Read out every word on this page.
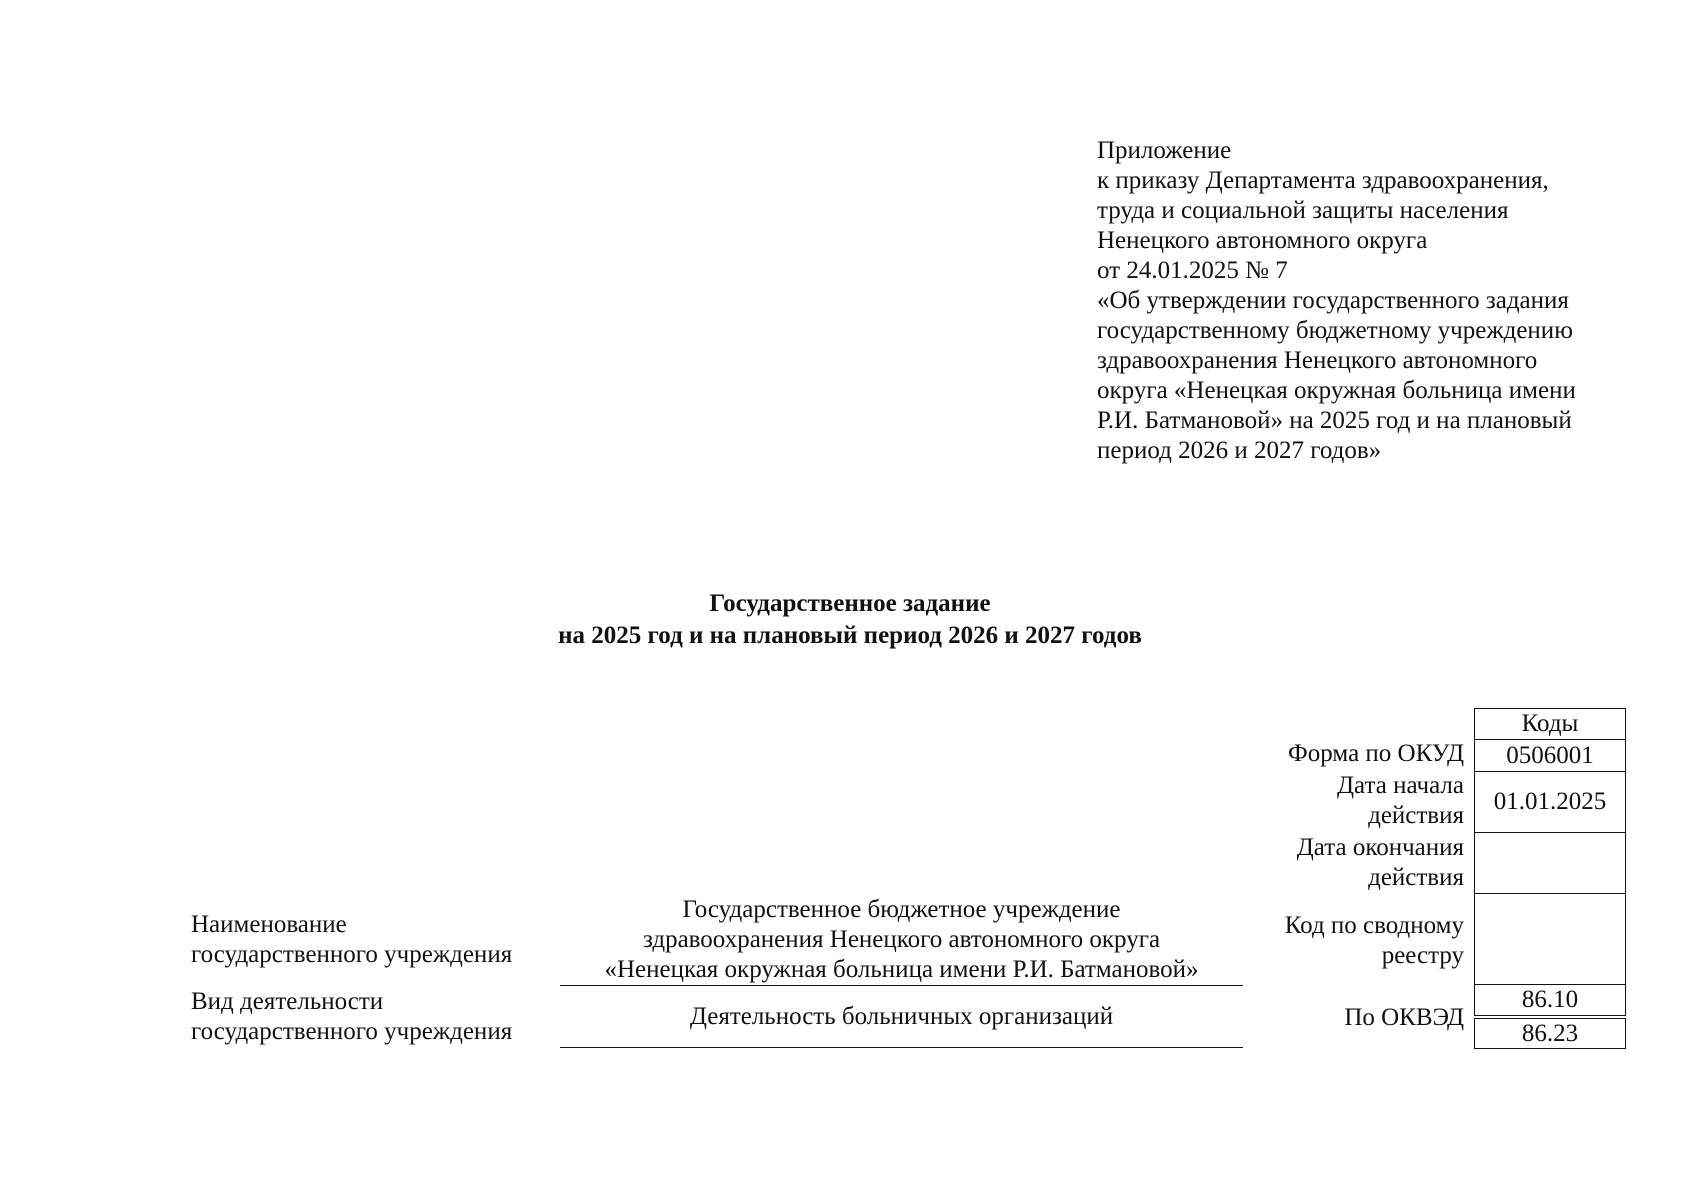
Приложение
к приказу Департамента здравоохранения,
труда и социальной защиты населения
Ненецкого автономного округа
от 24.01.2025 № 7
«Об утверждении государственного задания
государственному бюджетному учреждению
здравоохранения Ненецкого автономного
округа «Ненецкая окружная больница имени
Р.И. Батмановой» на 2025 год и на плановый
период 2026 и 2027 годов»
Государственное задание
на 2025 год и на плановый период 2026 и 2027 годов
Коды
Форма по ОКУД	0506001
Дата начала
действия
01.01.2025
Дата окончания
действия
Код по сводному
реестру
По ОКВЭД
86.10
86.23
Наименование
государственного учреждения
Государственное бюджетное учреждение
здравоохранения Ненецкого автономного округа
«Ненецкая окружная больница имени Р.И. Батмановой»
Вид деятельности
государственного учреждения
Деятельность больничных организаций
